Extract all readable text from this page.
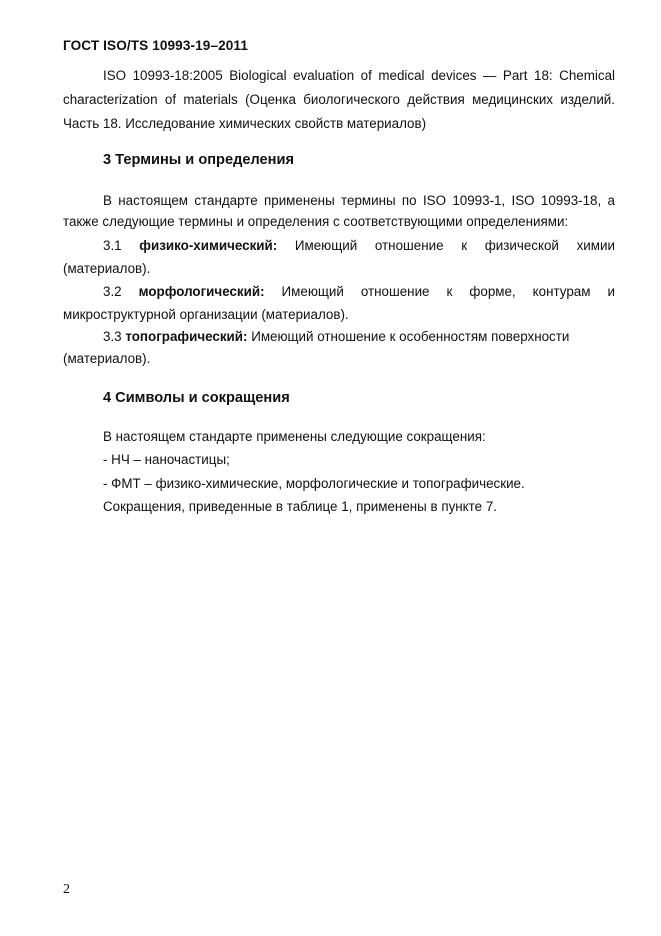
ГОСТ ISO/TS 10993-19–2011
ISO 10993-18:2005 Biological evaluation of medical devices — Part 18: Chemical
characterization of materials (Оценка биологического действия медицинских изделий.
Часть 18. Исследование химических свойств материалов)
3 Термины и определения
В настоящем стандарте применены термины по ISO 10993-1, ISO 10993-18, а
также следующие термины и определения с соответствующими определениями:
3.1 физико-химический: Имеющий отношение к физической химии
(материалов).
3.2 морфологический: Имеющий отношение к форме, контурам и
микроструктурной организации (материалов).
3.3 топографический: Имеющий отношение к особенностям поверхности
(материалов).
4 Символы и сокращения
В настоящем стандарте применены следующие сокращения:
- НЧ – наночастицы;
- ФМТ – физико-химические, морфологические и топографические.
Сокращения, приведенные в таблице 1, применены в пункте 7.
2
